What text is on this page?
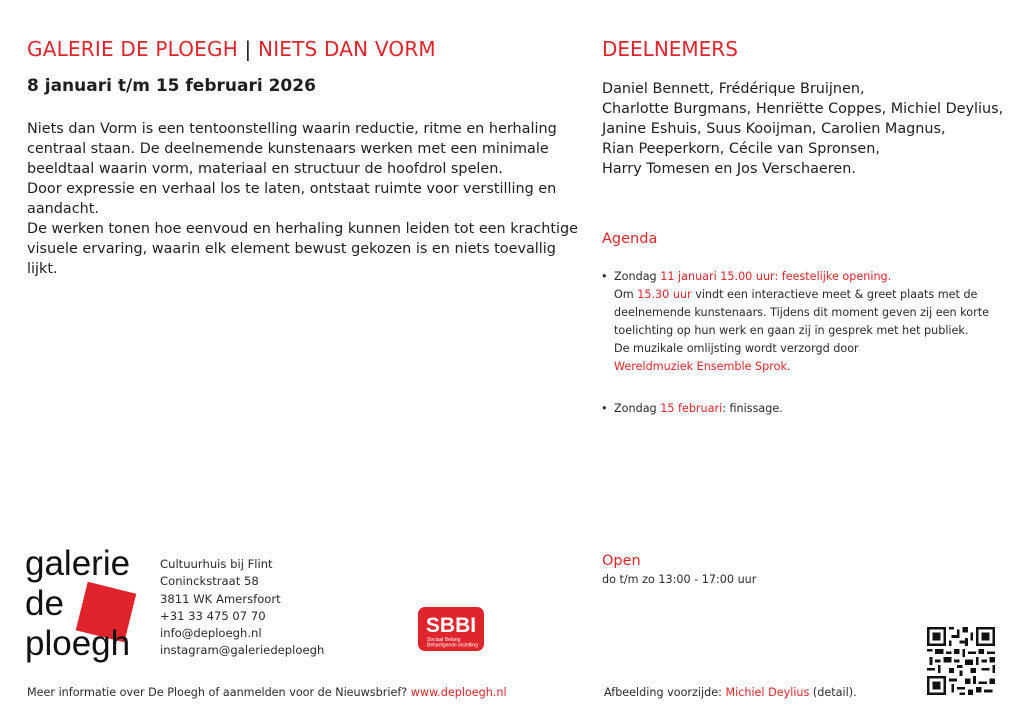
GALERIE DE PLOEGH | NIETS DAN VORM
8 januari t/m 15 februari 2026

Niets dan Vorm is een tentoonstelling waarin reductie, ritme en herhaling centraal staan. De deelnemende kunstenaars werken met een minimale beeldtaal waarin vorm, materiaal en structuur de hoofdrol spelen.

Door expressie en verhaal los te laten, ontstaat ruimte voor verstilling en aandacht.

De werken tonen hoe eenvoud en herhaling kunnen leiden tot een krachtige visuele ervaring, waarin elk element bewust gekozen is en niets toevallig lijkt.

DEELNEMERS
Daniel Bennett, Frédérique Bruijnen,
Charlotte Burgmans, Henriëtte Coppes, Michiel Deylius,
Janine Eshuis, Suus Kooijman, Carolien Magnus,
Rian Peeperkorn, Cécile van Spronsen,
Harry Tomesen en Jos Verschaeren.
Agenda
• Zondag 11 januari 15.00 uur: feestelijke opening.
Om 15.30 uur vindt een interactieve meet & greet plaats met de
deelnemende kunstenaars. Tijdens dit moment geven zij een korte
toelichting op hun werk en gaan zij in gesprek met het publiek.
De muzikale omlijsting wordt verzorgd door
Wereldmuziek Ensemble Sprok.
• Zondag 15 februari: finissage.
galerie
de
ploegh
Cultuurhuis bij Flint
Coninckstraat 58
3811 WK Amersfoort
+31 33 475 07 70
info@deploegh.nl
instagram@galeriedeploegh
SBBI
Sociaal Belang
Behartigende Instelling
Open
do t/m zo 13:00 - 17:00 uur
Meer informatie over De Ploegh of aanmelden voor de Nieuwsbrief? www.deploegh.nl	Afbeelding voorzijde: Michiel Deylius (detail).
